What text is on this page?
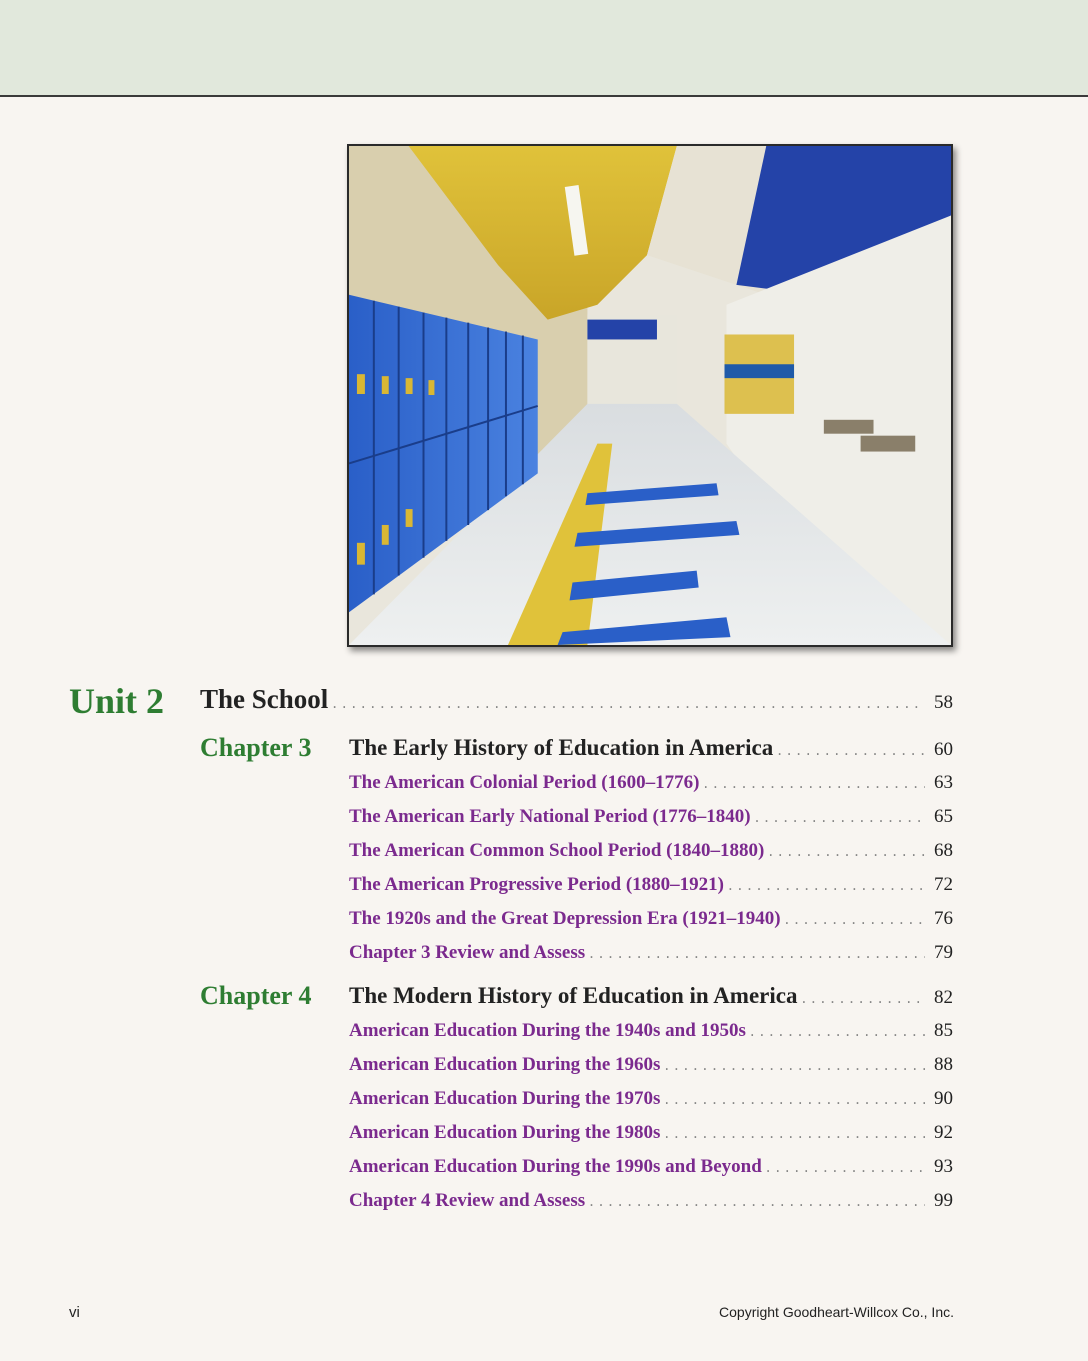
Unit 2 The School . . .	58
Chapter 3 The Early History of Education in America . . .	60
The American Colonial Period (1600–1776) . . .	63
The American Early National Period (1776–1840) . . .	65
The American Common School Period (1840–1880) . . .	68
The American Progressive Period (1880–1921) . . .	72
The 1920s and the Great Depression Era (1921–1940) . . .	76
Chapter 3 Review and Assess . . .	79
Chapter 4 The Modern History of Education in America . . .	82
American Education During the 1940s and 1950s . . .	85
American Education During the 1960s . . .	88
American Education During the 1970s . . .	90
American Education During the 1980s . . .	92
American Education During the 1990s and Beyond . . .	93
Chapter 4 Review and Assess . . .	99
vi	Copyright Goodheart-Willcox Co., Inc.
